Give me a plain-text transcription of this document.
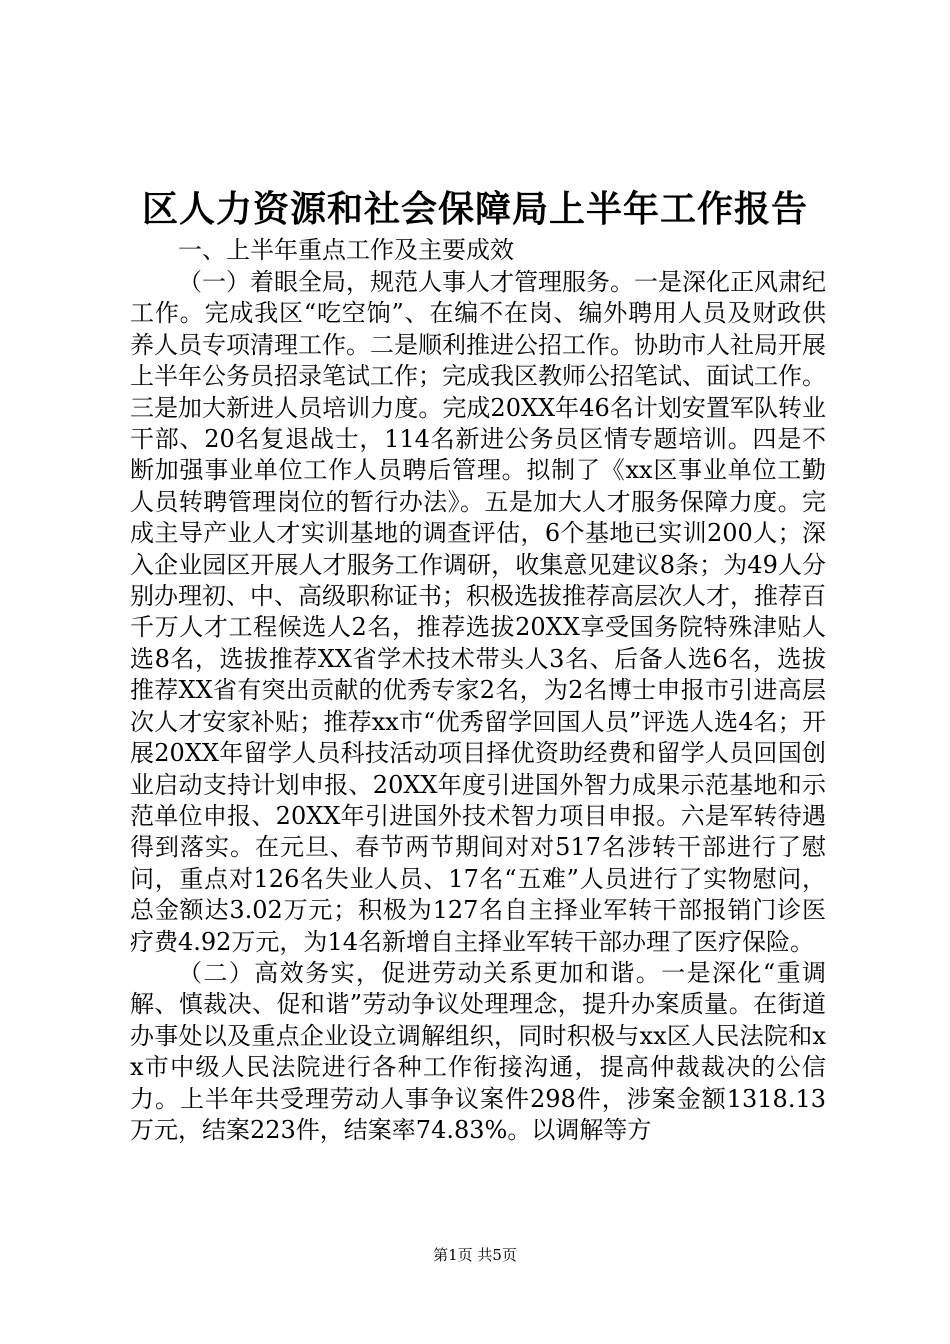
区人力资源和社会保障局上半年工作报告

一、上半年重点工作及主要成效

（一）着眼全局，规范人事人才管理服务。一是深化正风肃纪工作。完成我区“吃空饷”、在编不在岗、编外聘用人员及财政供养人员专项清理工作。二是顺利推进公招工作。协助市人社局开展上半年公务员招录笔试工作；完成我区教师公招笔试、面试工作。三是加大新进人员培训力度。完成20XX年46名计划安置军队转业干部、20名复退战士，114名新进公务员区情专题培训。四是不断加强事业单位工作人员聘后管理。拟制了《xx区事业单位工勤人员转聘管理岗位的暂行办法》。五是加大人才服务保障力度。完成主导产业人才实训基地的调查评估，6个基地已实训200人；深入企业园区开展人才服务工作调研，收集意见建议8条；为49人分别办理初、中、高级职称证书；积极选拔推荐高层次人才，推荐百千万人才工程候选人2名，推荐选拔20XX享受国务院特殊津贴人选8名，选拔推荐XX省学术技术带头人3名、后备人选6名，选拔推荐XX省有突出贡献的优秀专家2名，为2名博士申报市引进高层次人才安家补贴；推荐xx市“优秀留学回国人员”评选人选4名；开展20XX年留学人员科技活动项目择优资助经费和留学人员回国创业启动支持计划申报、20XX年度引进国外智力成果示范基地和示范单位申报、20XX年引进国外技术智力项目申报。六是军转待遇得到落实。在元旦、春节两节期间对对517名涉转干部进行了慰问，重点对126名失业人员、17名“五难”人员进行了实物慰问，总金额达3.02万元；积极为127名自主择业军转干部报销门诊医疗费4.92万元，为14名新增自主择业军转干部办理了医疗保险。

（二）高效务实，促进劳动关系更加和谐。一是深化“重调解、慎裁决、促和谐”劳动争议处理理念，提升办案质量。在街道办事处以及重点企业设立调解组织，同时积极与xx区人民法院和xx市中级人民法院进行各种工作衔接沟通，提高仲裁裁决的公信力。上半年共受理劳动人事争议案件298件，涉案金额1318.13万元，结案223件，结案率74.83%。以调解等方

第1页 共5页
